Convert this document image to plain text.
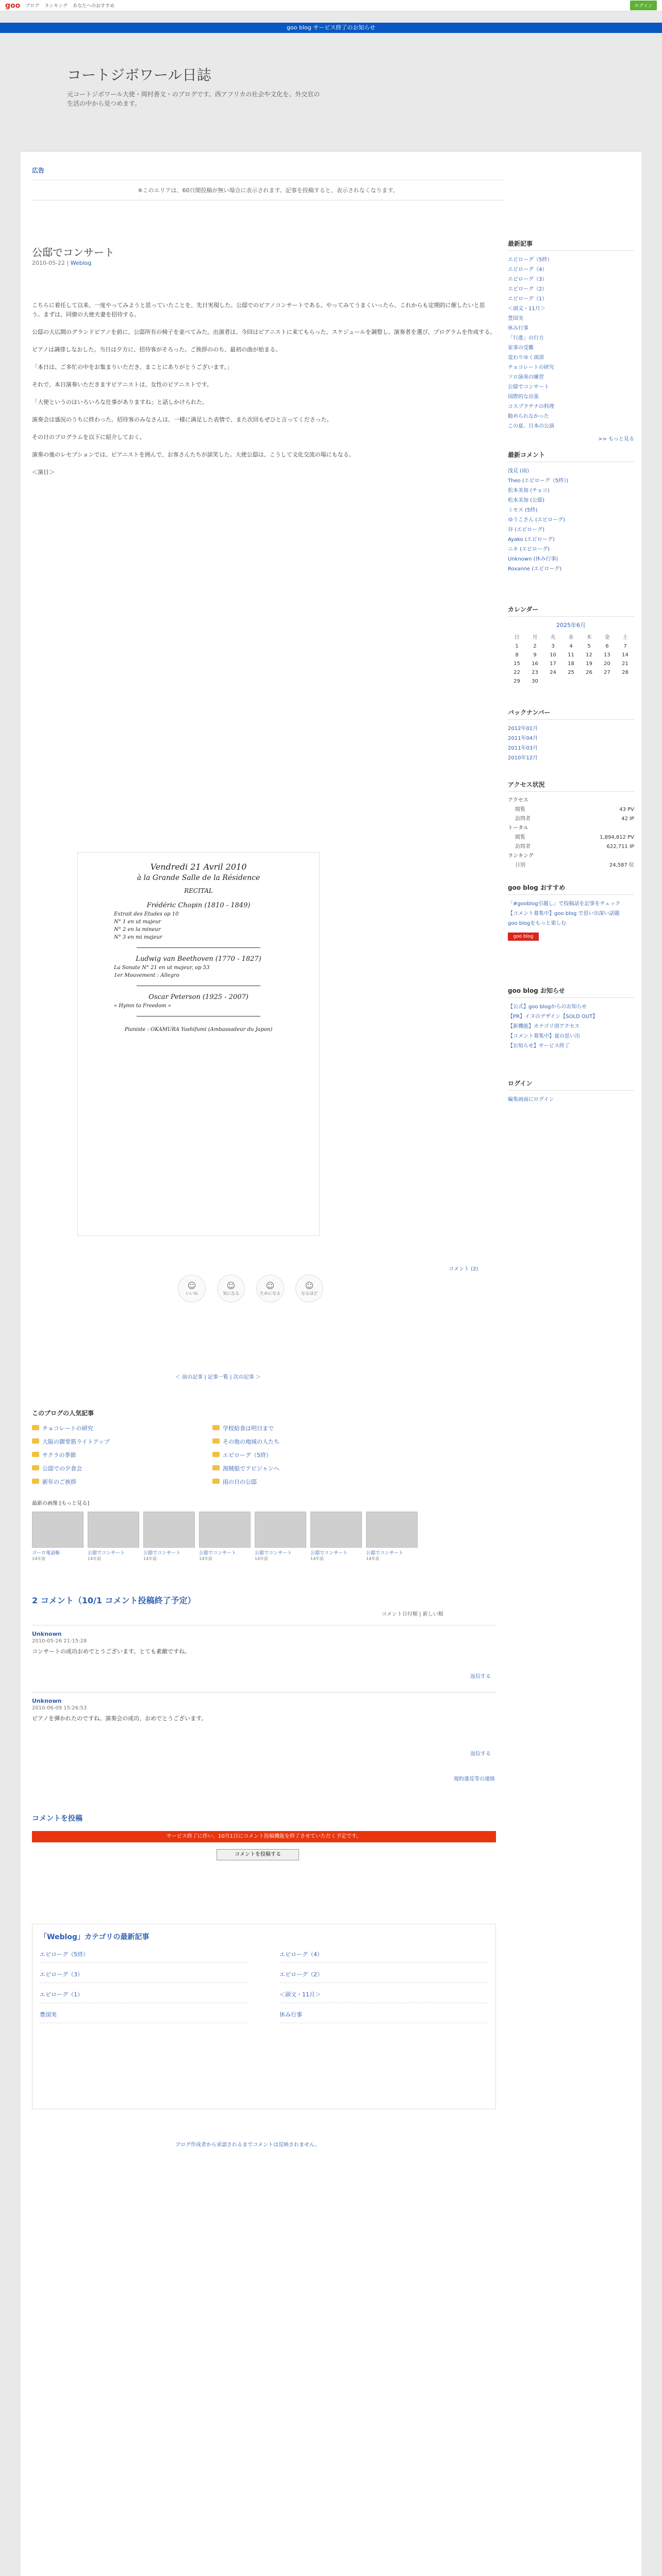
goo ブログ ランキング あなたへのおすすめ	ログイン
goo blog サービス終了のお知らせ
コートジボワール日誌
元コートジボワール大使・岡村善文・のブログです。西アフリカの社会や文化を、外交官の生活の中から見つめます。
広告
※このエリアは、60日間投稿が無い場合に表示されます。記事を投稿すると、表示されなくなります。
公邸でコンサート
2010-05-22 | Weblog

こちらに着任して以来、一度やってみようと思っていたことを、先日実現した。公邸でのピアノコンサートである。やってみてうまくいったら、これからも定期的に催したいと思う。まずは、同僚の大使夫妻を招待する。

公邸の大広間のグランドピアノを前に、公邸所有の椅子を並べてみた。出演者は、今回はピアニストに来てもらった。スケジュールを調整し、演奏者を選び、プログラムを作成する。

ピアノは調律しなおした。当日は夕方に、招待客がそろった。ご挨拶ののち、最初の曲が始まる。

「本日は、ご多忙の中をお集まりいただき、まことにありがとうございます。」

それで、本日演奏いただきますピアニストは、女性のピアニストです。

「大使というのはいろいろな仕事がありますね」と話しかけられた。

演奏会は盛況のうちに終わった。招待客のみなさんは、一様に満足した表情で、また次回もぜひと言ってくださった。

その日のプログラムを以下に紹介しておく。

演奏の後のレセプションでは、ピアニストを囲んで、お客さんたちが談笑した。大使公邸は、こうして文化交流の場にもなる。

＜演目＞

Vendredi 21 Avril 2010
à la Grande Salle de la Résidence
RECITAL
Frédéric Chopin (1810 - 1849)
Extrait des Etudes op 10
N° 1 en ut majeur
N° 2 en la mineur
N° 3 en mi majeur
Ludwig van Beethoven (1770 - 1827)
La Sonate N° 21 en ut majeur, op 53
1er Mouvement : Allegro
Oscar Peterson (1925 - 2007)
« Hymn to Freedom »
Pianiste : OKAMURA Yoshifumi (Ambassadeur du Japon)
コメント (2)
☺
いいね
☺
気になる
☺
ためになる
☺
なるほど
＜ 前の記事 | 記事一覧 | 次の記事 ＞
このブログの人気記事
チョコレートの研究	学校給食は明日まで
大阪の御堂筋ライトアップ	その他の地域の人たち
サクラの季節	エピローグ（5終）
公邸での夕食会	海賊船でアビジャンへ
新年のご挨拶	雨の日の公邸
最新の画像 [もっと見る]
ゴーロ電話帳
14年前
公邸でコンサート
14年前
公邸でコンサート
14年前
公邸でコンサート
14年前
公邸でコンサート
14年前
公邸でコンサート
14年前
公邸でコンサート
14年前
2 コメント（10/1 コメント投稿終了予定）
コメント日付順 | 新しい順
Unknown
2010-05-26 21:15:28
コンサートの成功おめでとうございます。とても素敵ですね。
返信する
Unknown
2010-06-09 15:26:53
ピアノを弾かれたのですね。演奏会の成功、おめでとうございます。
返信する
規約違反等の連絡
コメントを投稿
サービス終了に伴い、10月1日にコメント投稿機能を終了させていただく予定です。
コメントを投稿する
「Weblog」カテゴリの最新記事
エピローグ（5終）	エピローグ（4）
エピローグ（3）	エピローグ（2）
エピローグ（1）	＜頭文・11月＞
豊国実	休み行事
ブログ作成者から承認されるまでコメントは反映されません。
最新記事
エピローグ（5終）
エピローグ（4）
エピローグ（3）
エピローグ（2）
エピローグ（1）
＜頭文・11月＞
豊国実
休み行事
「行進」の行方
家事の受難
変わりゆく頭部
チョコレートの研究
ソロ演奏の練習
公邸でコンサート
国際的な出張
コスプラチナの料理
勧められなかった
この夏、日本の公演
>> もっと見る
最新コメント
浅見 (雨)
Theo (エピローグ（5終）)
松本美加 (チョコ)
松本美加 (公邸)
ミセス (5終)
ゆうこさん (エピローグ)
谷 (エピローグ)
Ayako (エピローグ)
ニキ (エピローグ)
Unknown (休み行事)
Roxanne (エピローグ)
カレンダー
2025年6月
日	月	火	水	木	金	土
1	2	3	4	5	6	7
8	9	10	11	12	13	14
15	16	17	18	19	20	21
22	23	24	25	26	27	28
29	30					
バックナンバー
2012年01月
2011年04月
2011年03月
2010年12月
アクセス状況
アクセス
閲覧	43 PV
訪問者	42 IP
トータル
閲覧	1,894,812 PV
訪問者	622,711 IP
ランキング
日別	24,587 位
goo blog おすすめ
「#gooblog引越し」で投稿話を記事をチェック
【コメント募集中】goo blog で思い出深い話題
goo blogをもっと楽しむ
goo blog
goo blog お知らせ
【公式】goo blogからのお知らせ
【PR】イヌのデザイン【SOLD OUT】
【新機能】カテゴリ別アクセス
【コメント募集中】夏の思い出
【お知らせ】サービス終了
ログイン
編集画面にログイン
